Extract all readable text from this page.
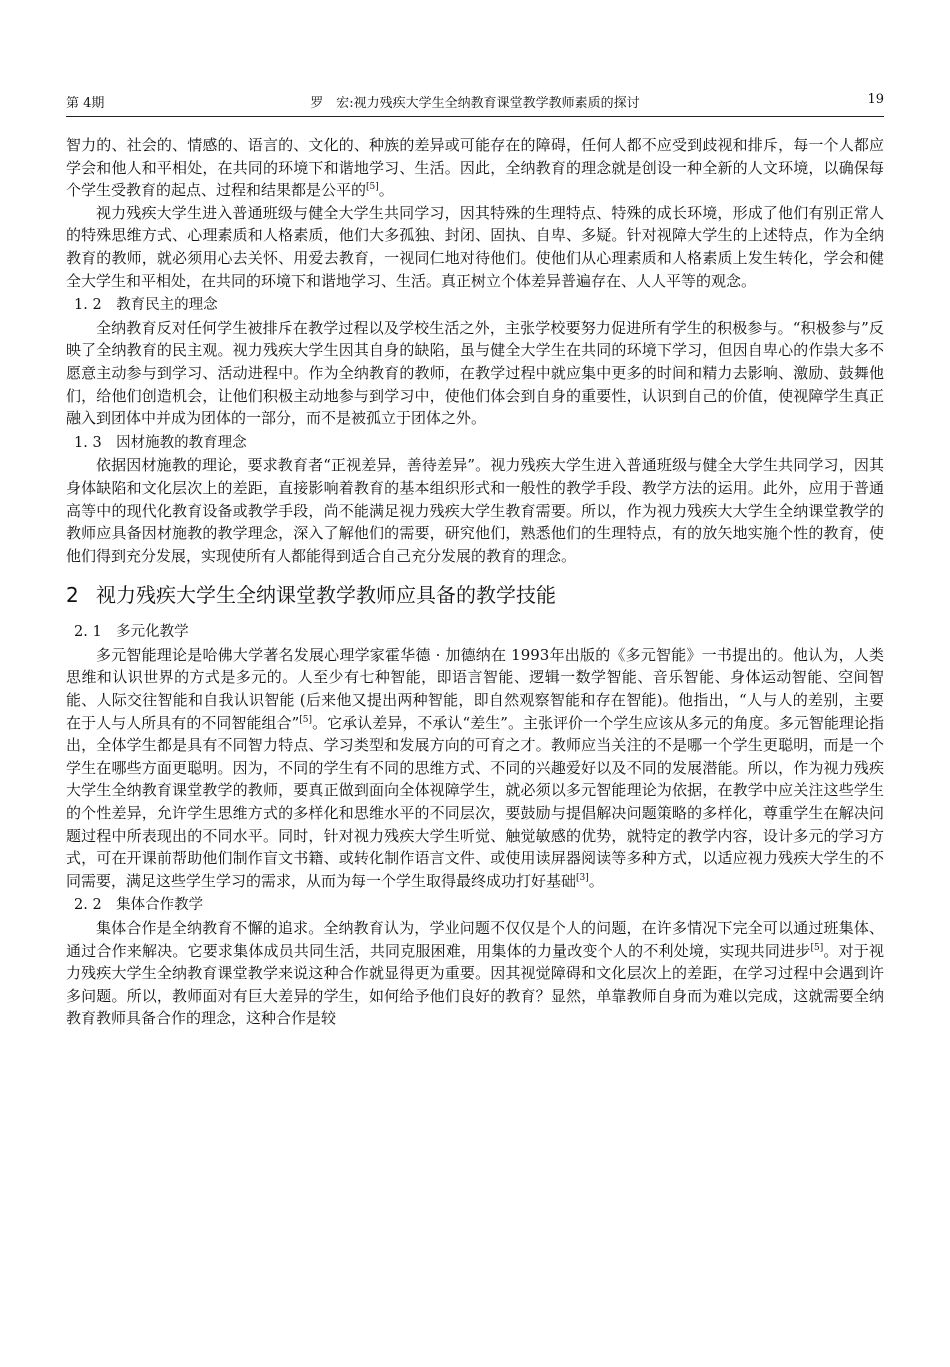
第 4期	罗　宏:视力残疾大学生全纳教育课堂教学教师素质的探讨	19

智力的、社会的、情感的、语言的、文化的、种族的差异或可能存在的障碍，任何人都不应受到歧视和排斥，每一个人都应学会和他人和平相处，在共同的环境下和谐地学习、生活。因此，全纳教育的理念就是创设一种全新的人文环境，以确保每个学生受教育的起点、过程和结果都是公平的[5]。

视力残疾大学生进入普通班级与健全大学生共同学习，因其特殊的生理特点、特殊的成长环境，形成了他们有别正常人的特殊思维方式、心理素质和人格素质，他们大多孤独、封闭、固执、自卑、多疑。针对视障大学生的上述特点，作为全纳教育的教师，就必须用心去关怀、用爱去教育，一视同仁地对待他们。使他们从心理素质和人格素质上发生转化，学会和健全大学生和平相处，在共同的环境下和谐地学习、生活。真正树立个体差异普遍存在、人人平等的观念。

1. 2　教育民主的理念

全纳教育反对任何学生被排斥在教学过程以及学校生活之外，主张学校要努力促进所有学生的积极参与。“积极参与”反映了全纳教育的民主观。视力残疾大学生因其自身的缺陷，虽与健全大学生在共同的环境下学习，但因自卑心的作祟大多不愿意主动参与到学习、活动进程中。作为全纳教育的教师，在教学过程中就应集中更多的时间和精力去影响、激励、鼓舞他们，给他们创造机会，让他们积极主动地参与到学习中，使他们体会到自身的重要性，认识到自己的价值，使视障学生真正融入到团体中并成为团体的一部分，而不是被孤立于团体之外。

1. 3　因材施教的教育理念

依据因材施教的理论，要求教育者“正视差异，善待差异”。视力残疾大学生进入普通班级与健全大学生共同学习，因其身体缺陷和文化层次上的差距，直接影响着教育的基本组织形式和一般性的教学手段、教学方法的运用。此外，应用于普通高等中的现代化教育设备或教学手段，尚不能满足视力残疾大学生教育需要。所以，作为视力残疾大大学生全纳课堂教学的教师应具备因材施教的教学理念，深入了解他们的需要，研究他们，熟悉他们的生理特点，有的放矢地实施个性的教育，使他们得到充分发展，实现使所有人都能得到适合自己充分发展的教育的理念。

2 视力残疾大学生全纳课堂教学教师应具备的教学技能

2. 1　多元化教学

多元智能理论是哈佛大学著名发展心理学家霍华德 · 加德纳在 1993年出版的《多元智能》一书提出的。他认为，人类思维和认识世界的方式是多元的。人至少有七种智能，即语言智能、逻辑一数学智能、音乐智能、身体运动智能、空间智能、人际交往智能和自我认识智能 (后来他又提出两种智能，即自然观察智能和存在智能)。他指出，“人与人的差别，主要在于人与人所具有的不同智能组合”[5]。它承认差异，不承认“差生”。主张评价一个学生应该从多元的角度。多元智能理论指出，全体学生都是具有不同智力特点、学习类型和发展方向的可育之才。教师应当关注的不是哪一个学生更聪明，而是一个学生在哪些方面更聪明。因为，不同的学生有不同的思维方式、不同的兴趣爱好以及不同的发展潜能。所以，作为视力残疾大学生全纳教育课堂教学的教师，要真正做到面向全体视障学生，就必须以多元智能理论为依据，在教学中应关注这些学生的个性差异，允许学生思维方式的多样化和思维水平的不同层次，要鼓励与提倡解决问题策略的多样化，尊重学生在解决问题过程中所表现出的不同水平。同时，针对视力残疾大学生听觉、触觉敏感的优势，就特定的教学内容，设计多元的学习方式，可在开课前帮助他们制作盲文书籍、或转化制作语言文件、或使用读屏器阅读等多种方式，以适应视力残疾大学生的不同需要，满足这些学生学习的需求，从而为每一个学生取得最终成功打好基础[3]。

2. 2　集体合作教学

集体合作是全纳教育不懈的追求。全纳教育认为，学业问题不仅仅是个人的问题，在许多情况下完全可以通过班集体、通过合作来解决。它要求集体成员共同生活，共同克服困难，用集体的力量改变个人的不利处境，实现共同进步[5]。对于视力残疾大学生全纳教育课堂教学来说这种合作就显得更为重要。因其视觉障碍和文化层次上的差距，在学习过程中会遇到许多问题。所以，教师面对有巨大差异的学生，如何给予他们良好的教育？显然，单靠教师自身而为难以完成，这就需要全纳教育教师具备合作的理念，这种合作是较
